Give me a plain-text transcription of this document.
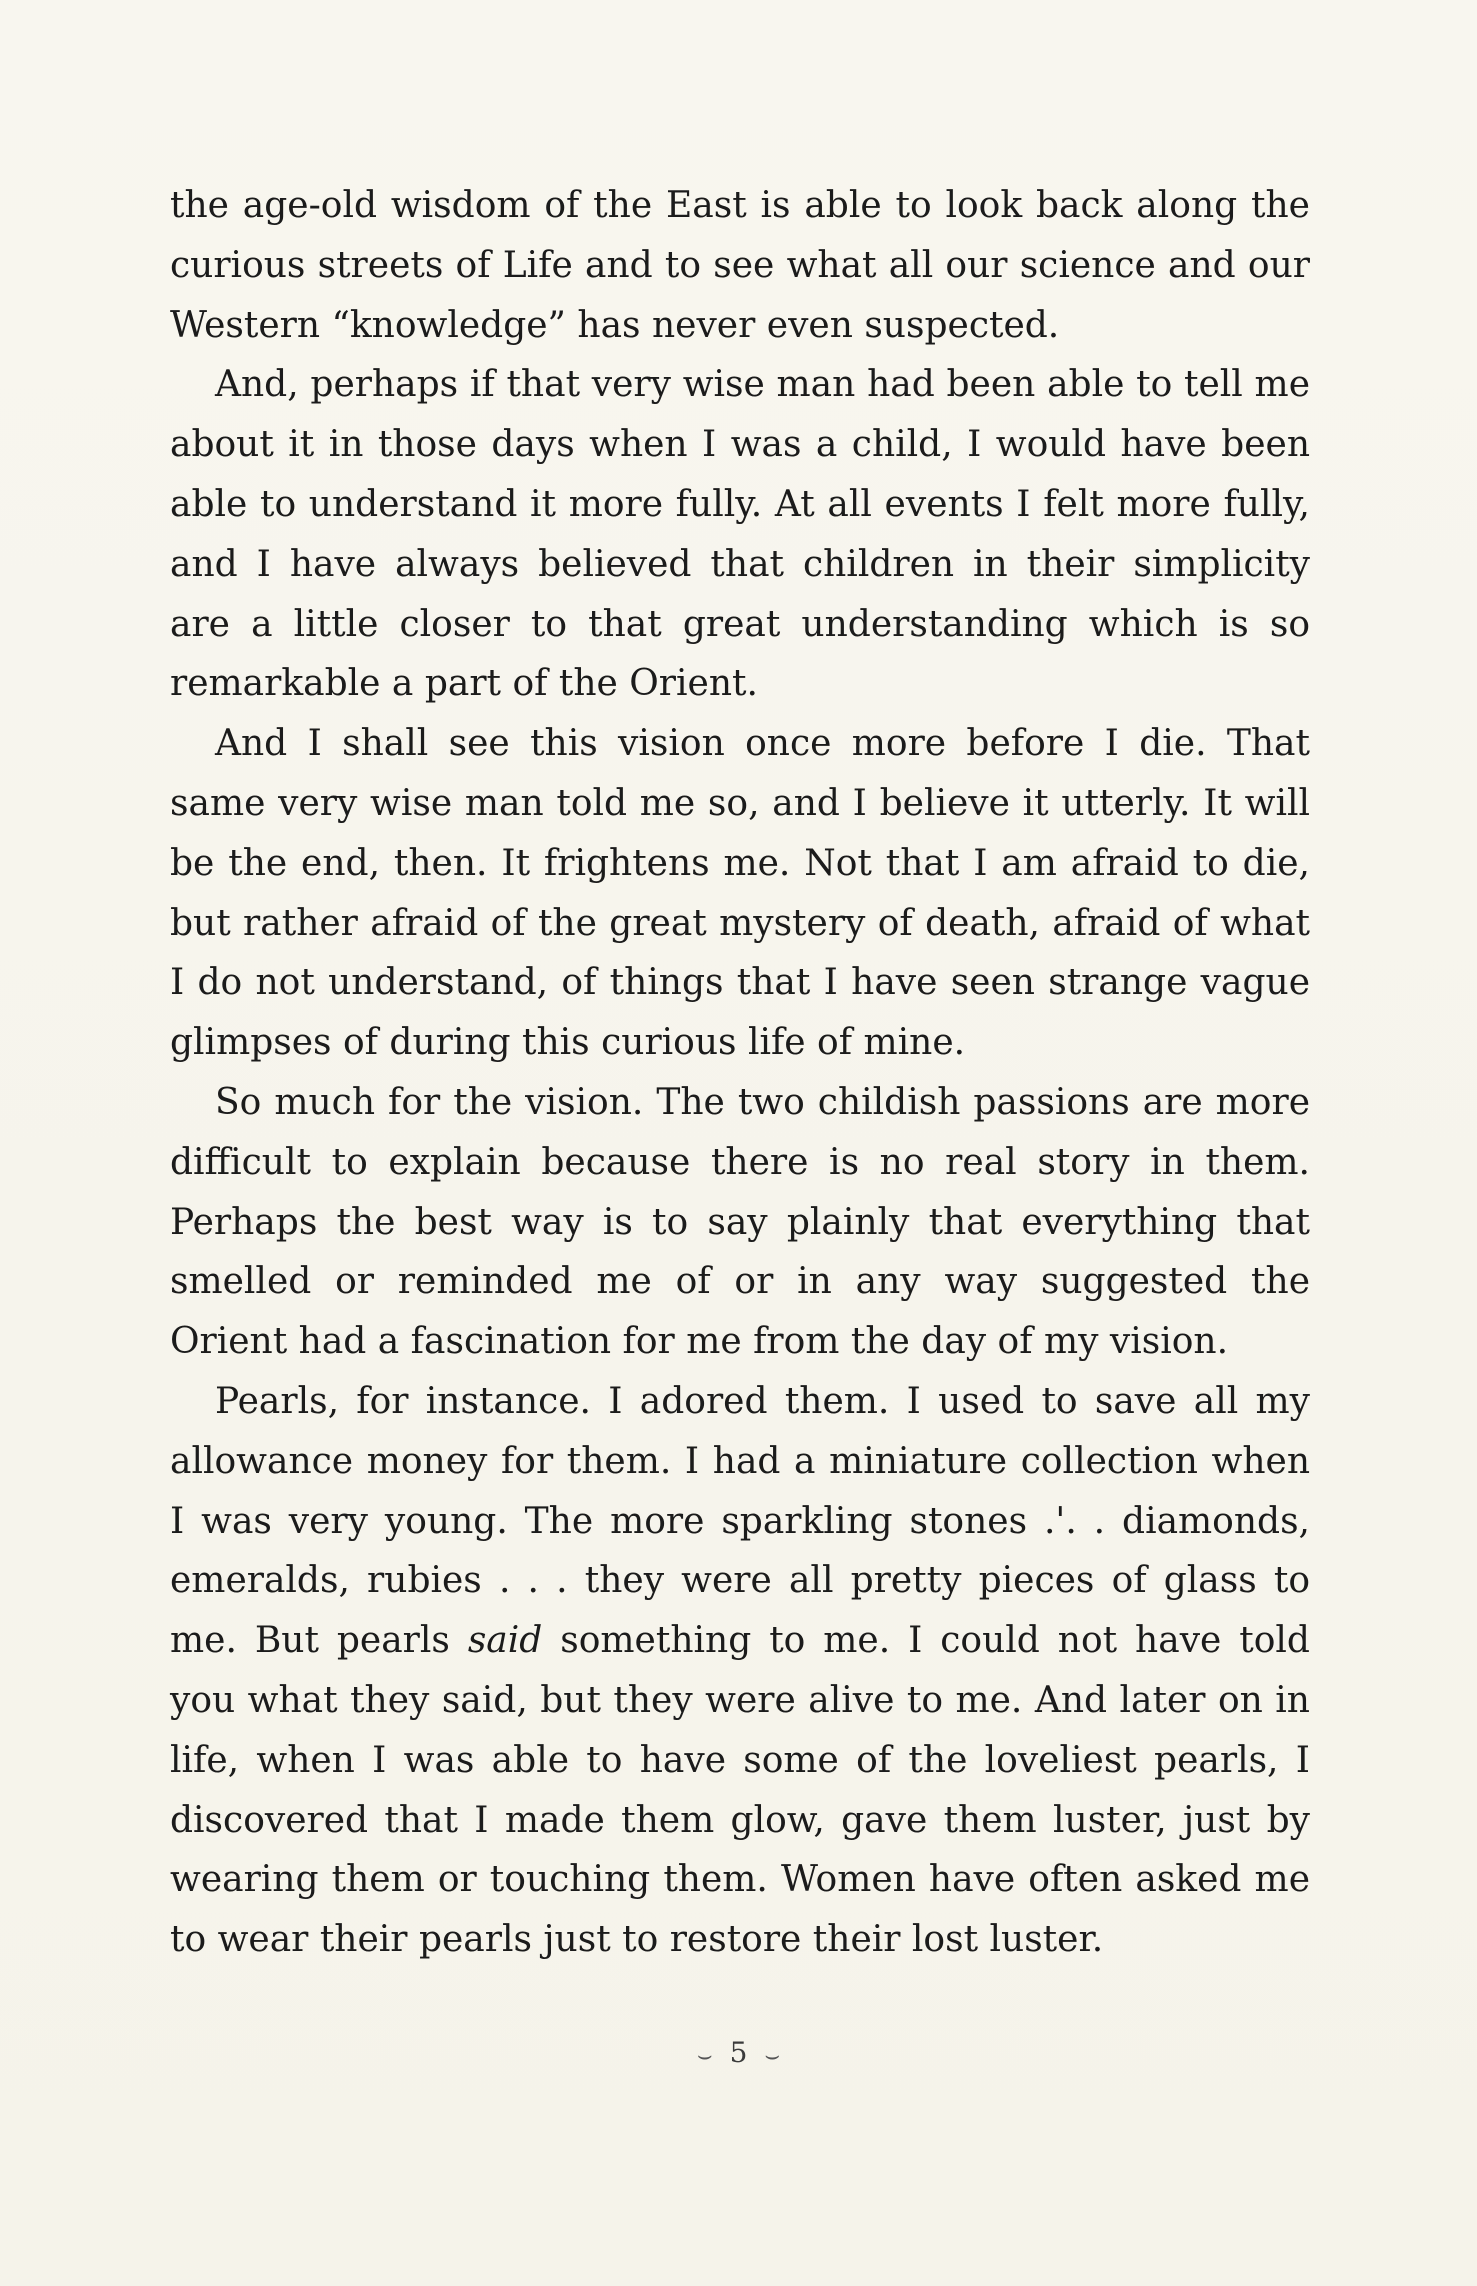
the age-old wisdom of the East is able to look back along the curious streets of Life and to see what all our science and our Western “knowledge” has never even suspected.

And, perhaps if that very wise man had been able to tell me about it in those days when I was a child, I would have been able to understand it more fully. At all events I felt more fully, and I have always believed that children in their simplicity are a little closer to that great understanding which is so remarkable a part of the Orient.

And I shall see this vision once more before I die. That same very wise man told me so, and I believe it utterly. It will be the end, then. It frightens me. Not that I am afraid to die, but rather afraid of the great mystery of death, afraid of what I do not understand, of things that I have seen strange vague glimpses of during this curious life of mine.

So much for the vision. The two childish passions are more difficult to explain because there is no real story in them. Perhaps the best way is to say plainly that everything that smelled or reminded me of or in any way suggested the Orient had a fascination for me from the day of my vision.

Pearls, for instance. I adored them. I used to save all my allowance money for them. I had a miniature collection when I was very young. The more sparkling stones .'. . diamonds, emeralds, rubies . . . they were all pretty pieces of glass to me. But pearls said something to me. I could not have told you what they said, but they were alive to me. And later on in life, when I was able to have some of the loveliest pearls, I discovered that I made them glow, gave them luster, just by wearing them or touching them. Women have often asked me to wear their pearls just to restore their lost luster.

⌣ 5 ⌣
